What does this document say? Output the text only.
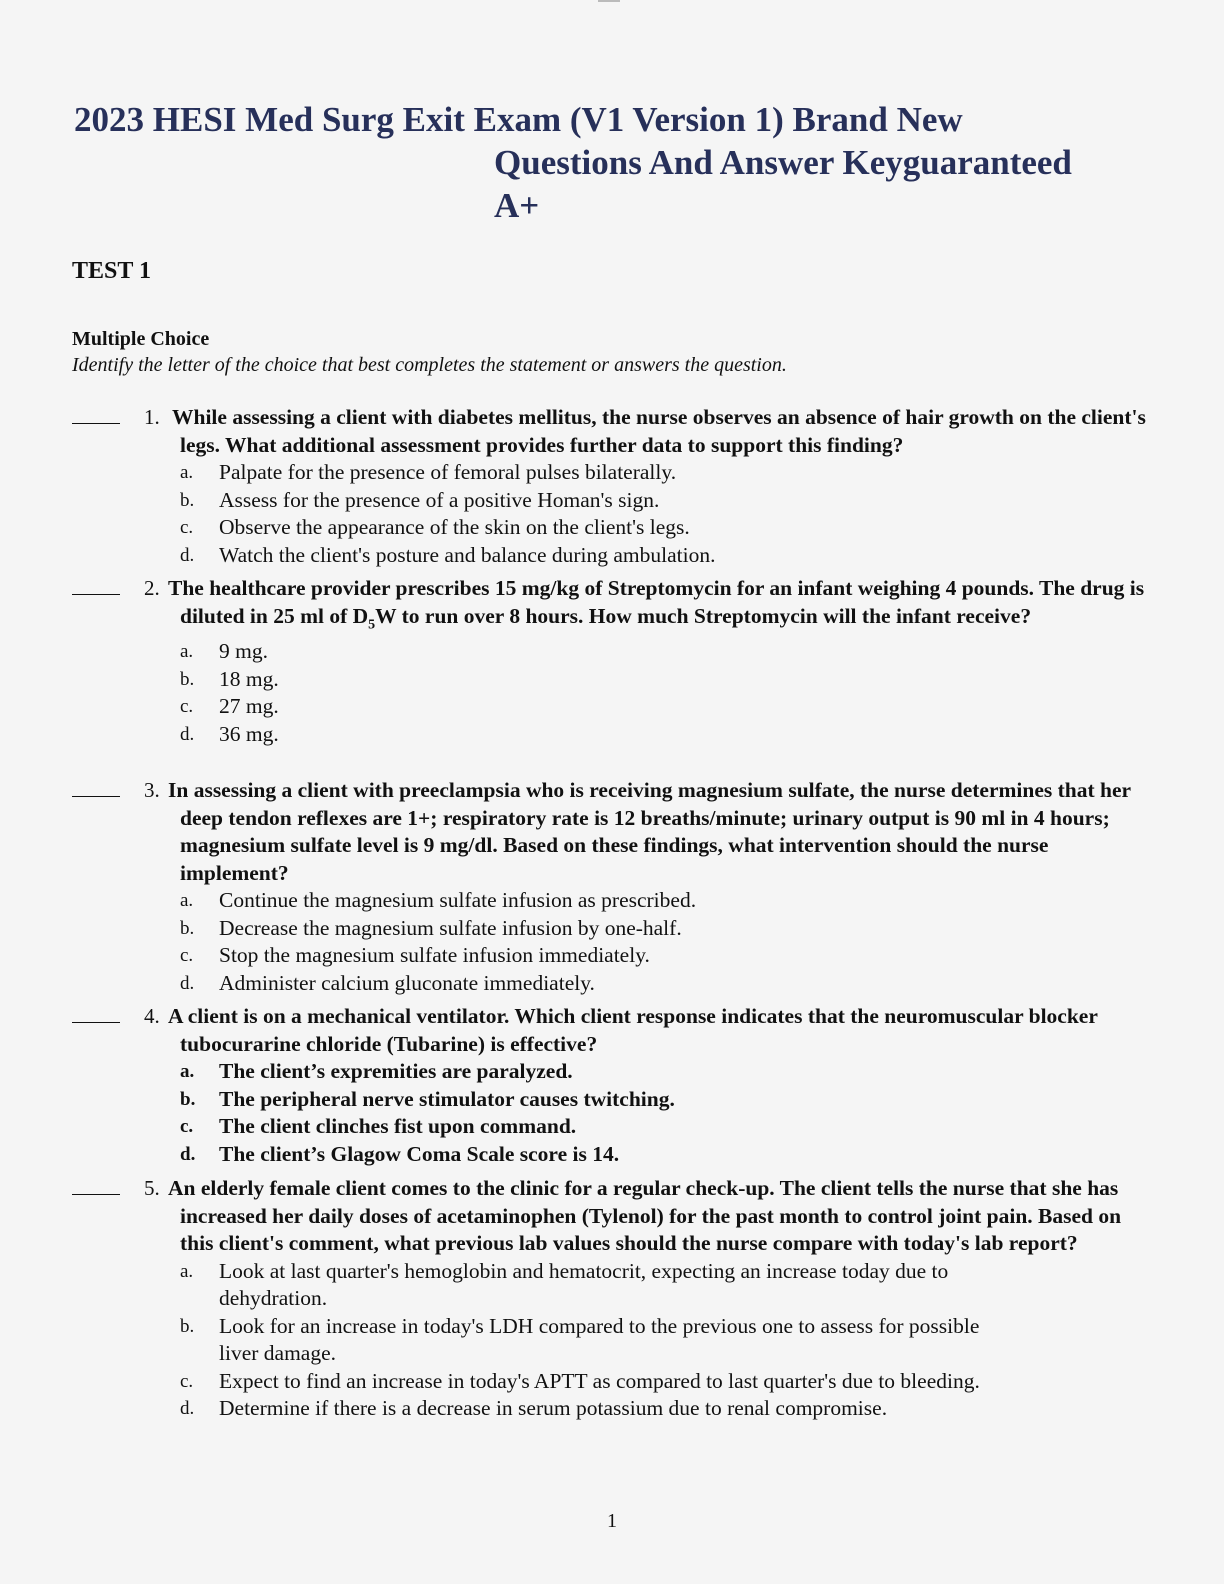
2023 HESI Med Surg Exit Exam (V1 Version 1) Brand New
Questions And Answer Keyguaranteed
A+
TEST 1
Multiple Choice

Identify the letter of the choice that best completes the statement or answers the question.

1. While assessing a client with diabetes mellitus, the nurse observes an absence of hair growth on the client's legs. What additional assessment provides further data to support this finding?
a. Palpate for the presence of femoral pulses bilaterally.
b. Assess for the presence of a positive Homan's sign.
c. Observe the appearance of the skin on the client's legs.
d. Watch the client's posture and balance during ambulation.
2. The healthcare provider prescribes 15 mg/kg of Streptomycin for an infant weighing 4 pounds. The drug is diluted in 25 ml of $D_5W$ to run over 8 hours. How much Streptomycin will the infant receive?
a. 9 mg.
b. 18 mg.
c. 27 mg.
d. 36 mg.
3. In assessing a client with preeclampsia who is receiving magnesium sulfate, the nurse determines that her deep tendon reflexes are 1+; respiratory rate is 12 breaths/minute; urinary output is 90 ml in 4 hours; magnesium sulfate level is 9 mg/dl. Based on these findings, what intervention should the nurse implement?
a. Continue the magnesium sulfate infusion as prescribed.
b. Decrease the magnesium sulfate infusion by one-half.
c. Stop the magnesium sulfate infusion immediately.
d. Administer calcium gluconate immediately.
4. A client is on a mechanical ventilator. Which client response indicates that the neuromuscular blocker tubocurarine chloride (Tubarine) is effective?
a. The client’s expremities are paralyzed.
b. The peripheral nerve stimulator causes twitching.
c. The client clinches fist upon command.
d. The client’s Glagow Coma Scale score is 14.
5. An elderly female client comes to the clinic for a regular check-up. The client tells the nurse that she has increased her daily doses of acetaminophen (Tylenol) for the past month to control joint pain. Based on this client's comment, what previous lab values should the nurse compare with today's lab report?
a. Look at last quarter's hemoglobin and hematocrit, expecting an increase today due to dehydration.
b. Look for an increase in today's LDH compared to the previous one to assess for possible liver damage.
c. Expect to find an increase in today's APTT as compared to last quarter's due to bleeding.
d. Determine if there is a decrease in serum potassium due to renal compromise.
1
